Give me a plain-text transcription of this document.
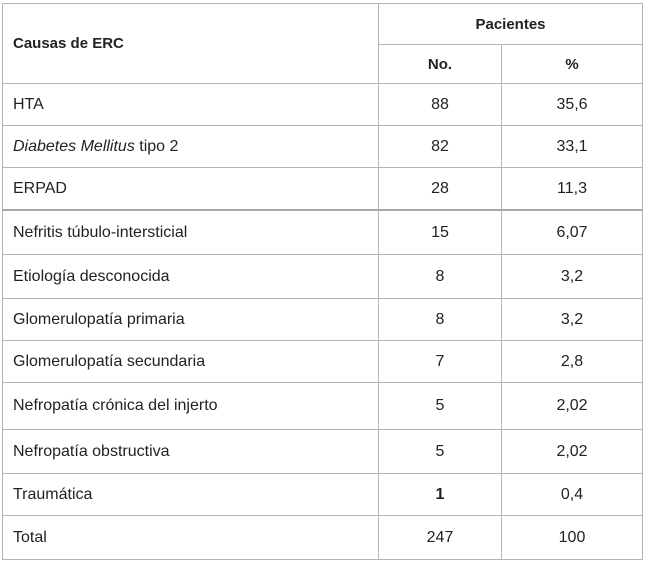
Causas de ERC	Pacientes	
	No.	%
HTA	88	35,6
Diabetes Mellitus tipo 2	82	33,1
ERPAD	28	11,3
Nefritis túbulo-intersticial	15	6,07
Etiología desconocida	8	3,2
Glomerulopatía primaria	8	3,2
Glomerulopatía secundaria	7	2,8
Nefropatía crónica del injerto	5	2,02
Nefropatía obstructiva	5	2,02
Traumática	1	0,4
Total	247	100
